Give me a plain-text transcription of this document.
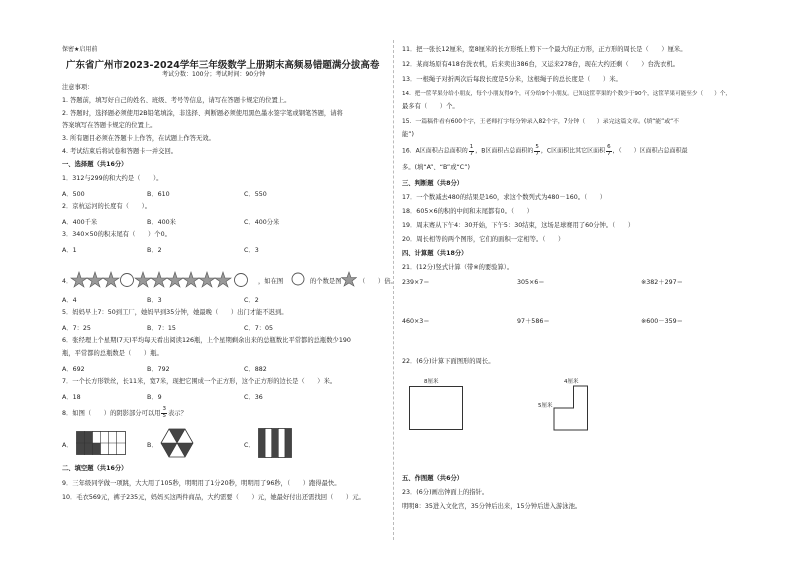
保密★启用前
广东省广州市2023-2024学年三年级数学上册期末高频易错题满分拔高卷
考试分数：100分；考试时间：90分钟
注意事项：
1. 答题前，填写好自己的姓名、班级、考号等信息，请写在答题卡规定的位置上。
2. 答题时，选择题必须使用2B铅笔填涂，非选择、判断题必须使用黑色墨水签字笔或钢笔答题，请将
答案填写在答题卡规定的位置上。
3. 所有题目必须在答题卡上作答，在试题上作答无效。
4. 考试结束后将试卷和答题卡一并交回。
一、选择题（共16分）
1．312与299的和大约是（　　）。
A．500	B．610	C．550
2．京杭运河的长度有（　　）。
A．400千米	B．400米	C．400分米
3．340×50的积末尾有（　　）个0。
A．1	B．2	C．3
4．	，如在图	的个数是图	（　　）倍。
A．4	B．3	C．2
5．妈妈早上7：50到工厂，她妈早到35分钟，她最晚（　　）出门才能不迟到。
A．7：25	B．7：15	C．7：05
6．张经理上个星期(7天)平均每天看出阅读126瓶，上个星期剩余出来的总瓶数比平常都的总瓶数少190
瓶，平常都的总瓶数是（　　）瓶。
A．692	B．792	C．882
7．一个长方形铁丝，长11米，宽7米，现把它围成一个正方形，这个正方形的边长是（　　）米。
A．18	B．9	C．36
8．如图（　　）的阴影部分可以用 $\frac{3}{5}$ 表示？
A．	B．	C．
二、填空题（共16分）
9．三年级同学做一项跳，大大用了105秒，明明用了1分20秒，明明用了96秒，（　　）跑得最快。
10．毛衣569元，裤子235元，妈妈买这两件商品，大约需要（　　）元，她最好付出还需找回（　　）元。
11．把一张长12厘米，宽8厘米的长方形纸上剪下一个最大的正方形，正方形的周长是（　　）厘米。
12．某商场原有418台洗衣机，后来卖出386台，又运来278台，现在大约还剩（　　）台洗衣机。
13．一根绳子对折两次后每段长度是5分米，这根绳子的总长度是（　　）米。
14．把一筐苹果分给小朋友，每个小朋友得9个，可分给9个小朋友。已知这筐苹果的个数少于90个，这筐苹果可能至少（　　）个，
最多有（　　）个。
15．一篇稿件看有600个字，王老师打字每分钟录入82个字，7分钟（　　）录完这篇文章。(填“能”或“不
能”)
16．A区面积占总面积的 $\frac{1}{7}$ ，B区面积占总面积的 $\frac{5}{7}$ ，C区面积比其它区面积 $\frac{6}{7}$ ，（　　）区面积占总面积最
多。(填“A”、“B”或“C”)
三、判断题（共8分）
17．一个数减去480的结果是160，求这个数列式为480－160。（　　）
18．605×6的积的中间和末尾都有0。（　　）
19．周末赛从下午4：30开始，下午5：30结束，这场足球赛用了60分钟。（　　）
20．周长相等的两个图形，它们的面积一定相等。（　　）
四、计算题（共18分）
21．(12分)竖式计算（带※的要验算）。
239×7＝	305×6＝	※382＋297＝
460×3＝	97＋586＝	※600－359＝
22．(6分)计算下面图形的周长。
8厘米	4厘米
5厘米
五、作图题（共6分）
23．(6分)画出钟面上的指针。
明明8：35进入文化宫，35分钟后出来，15分钟后进入游泳池。
